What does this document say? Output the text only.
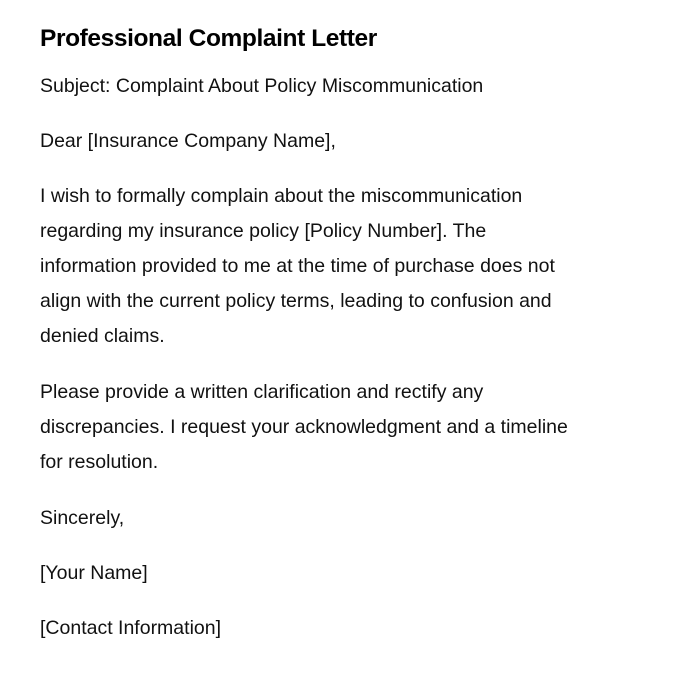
Professional Complaint Letter

Subject: Complaint About Policy Miscommunication

Dear [Insurance Company Name],

I wish to formally complain about the miscommunication
regarding my insurance policy [Policy Number]. The
information provided to me at the time of purchase does not
align with the current policy terms, leading to confusion and
denied claims.
Please provide a written clarification and rectify any
discrepancies. I request your acknowledgment and a timeline
for resolution.

Sincerely,

[Your Name]

[Contact Information]
